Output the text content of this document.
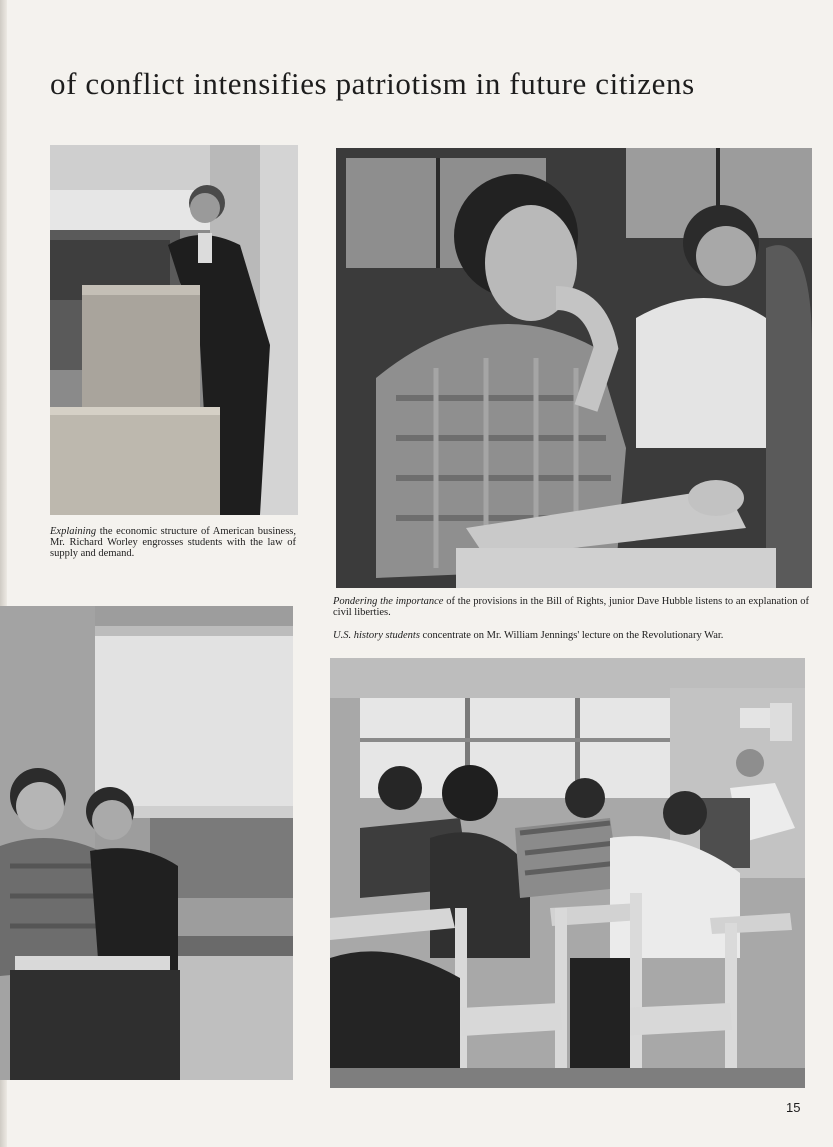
of conflict intensifies patriotism in future citizens
Explaining the economic structure of American business, Mr. Richard Worley engrosses students with the law of supply and demand.
Pondering the importance of the provisions in the Bill of Rights, junior Dave Hubble listens to an explanation of civil liberties.
U.S. history students concentrate on Mr. William Jennings' lecture on the Revolutionary War.
15
